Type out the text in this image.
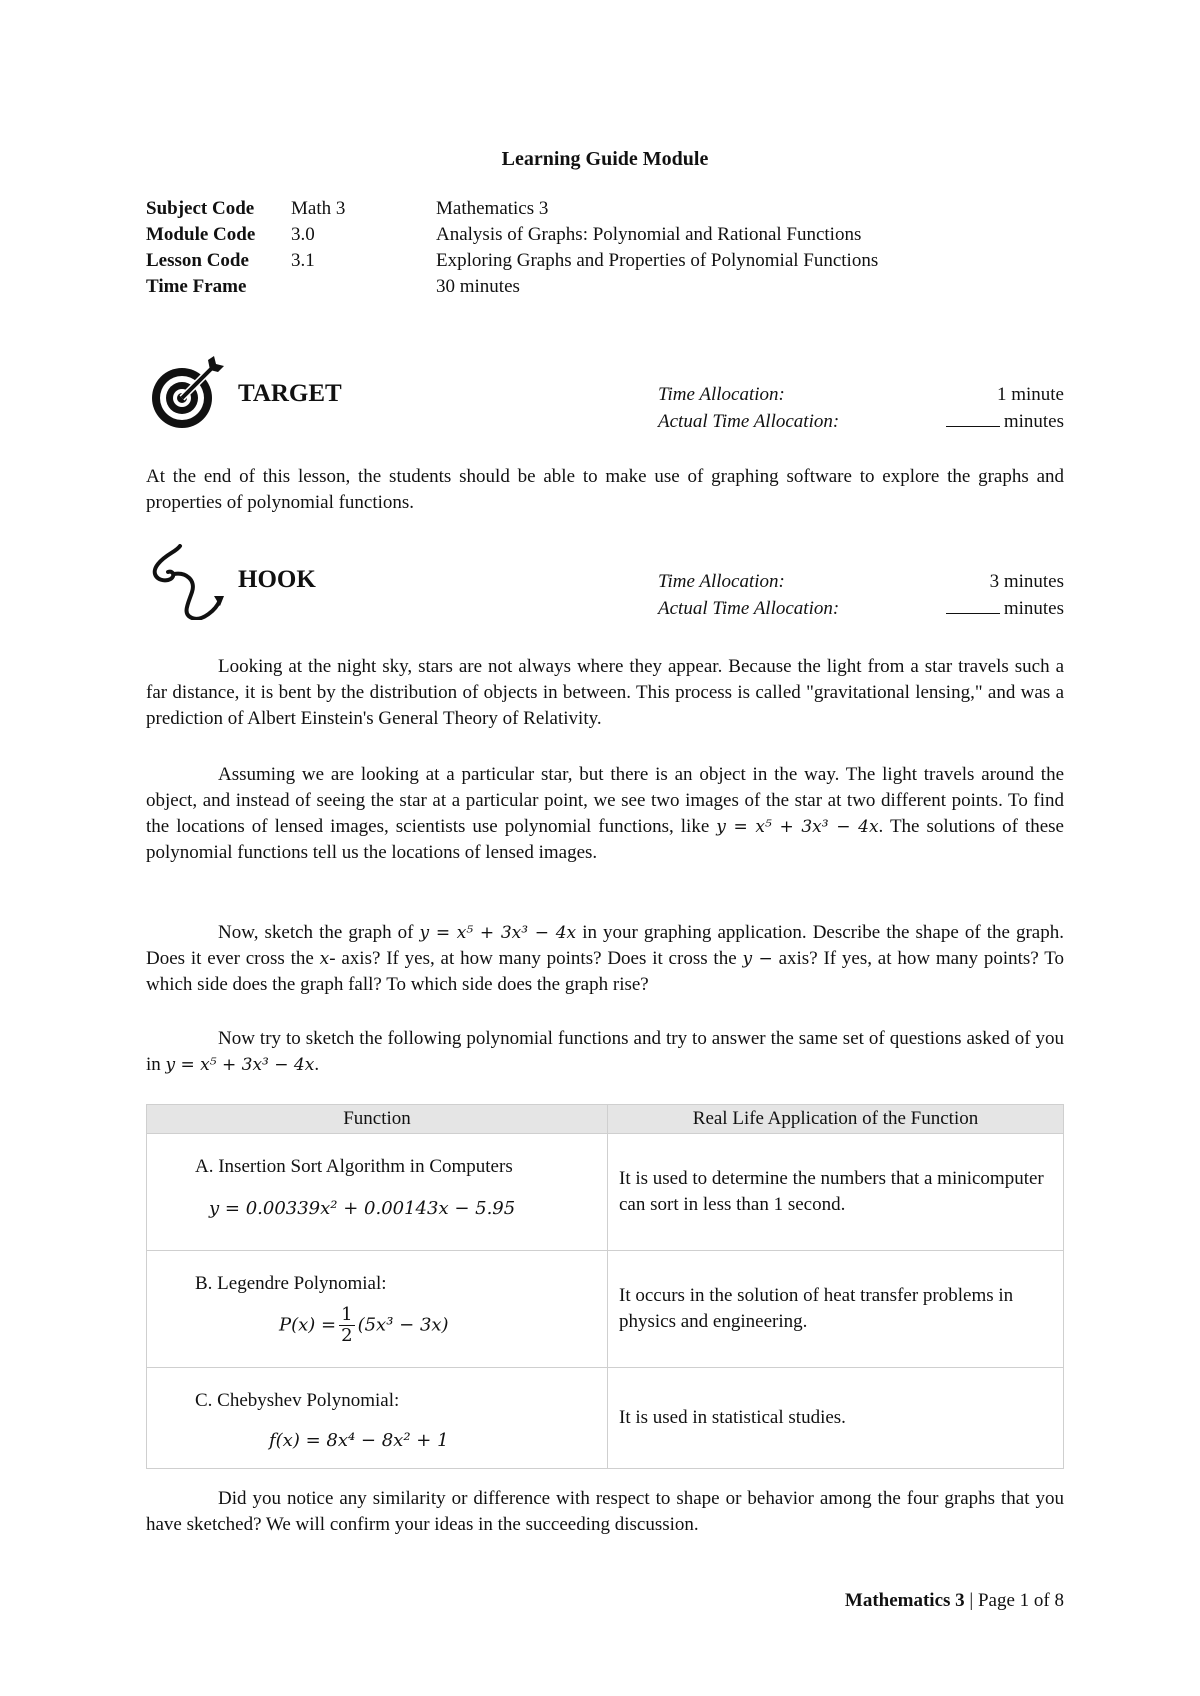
Learning Guide Module
Subject Code	Math 3	Mathematics 3
Module Code	3.0	Analysis of Graphs: Polynomial and Rational Functions
Lesson Code	3.1	Exploring Graphs and Properties of Polynomial Functions
Time Frame		30 minutes
TARGET	Time Allocation:	1 minute
Actual Time Allocation:	minutes

At the end of this lesson, the students should be able to make use of graphing software to explore the graphs and properties of polynomial functions.

HOOK	Time Allocation:	3 minutes
Actual Time Allocation:	minutes

Looking at the night sky, stars are not always where they appear. Because the light from a star travels such a far distance, it is bent by the distribution of objects in between. This process is called "gravitational lensing," and was a prediction of Albert Einstein's General Theory of Relativity.

Assuming we are looking at a particular star, but there is an object in the way. The light travels around the object, and instead of seeing the star at a particular point, we see two images of the star at two different points. To find the locations of lensed images, scientists use polynomial functions, like y = x⁵ + 3x³ − 4x. The solutions of these polynomial functions tell us the locations of lensed images.

Now, sketch the graph of y = x⁵ + 3x³ − 4x in your graphing application. Describe the shape of the graph. Does it ever cross the x- axis? If yes, at how many points? Does it cross the y − axis? If yes, at how many points? To which side does the graph fall? To which side does the graph rise?

Now try to sketch the following polynomial functions and try to answer the same set of questions asked of you in y = x⁵ + 3x³ − 4x.

Function	Real Life Application of the Function

A. Insertion Sort Algorithm in Computers
y = 0.00339x² + 0.00143x − 5.95	It is used to determine the numbers that a minicomputer can sort in less than 1 second.

B. Legendre Polynomial:
$P(x) = \frac{1}{2} (5x^3 - 3x)$	It occurs in the solution of heat transfer problems in physics and engineering.

C. Chebyshev Polynomial:
f(x) = 8x⁴ − 8x² + 1	It is used in statistical studies.

Did you notice any similarity or difference with respect to shape or behavior among the four graphs that you have sketched? We will confirm your ideas in the succeeding discussion.

Mathematics 3 | Page 1 of 8
